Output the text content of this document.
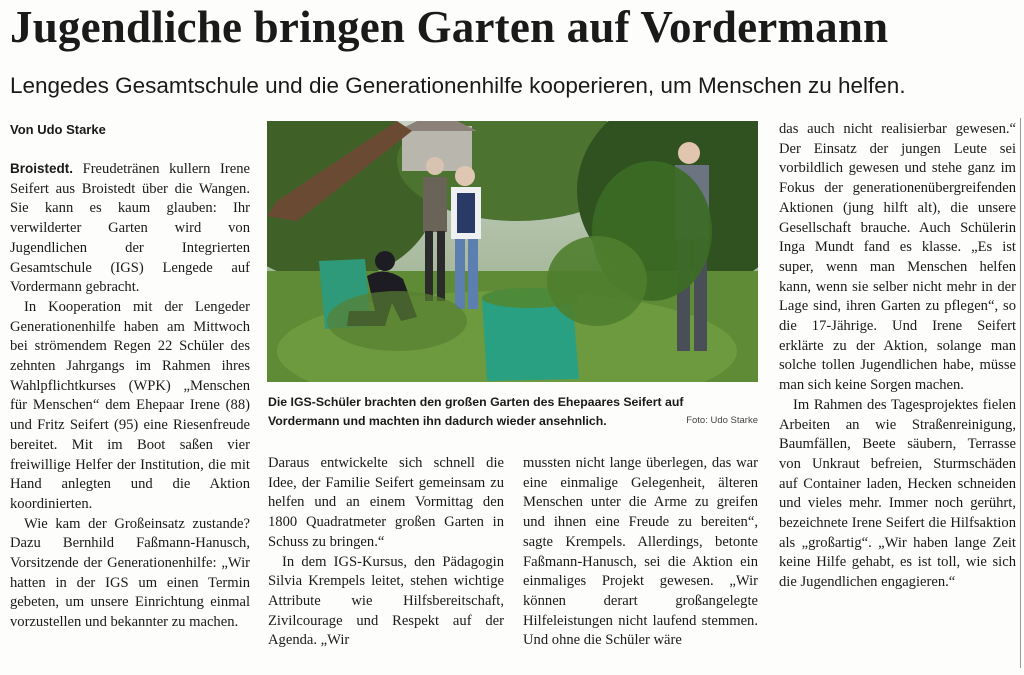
Jugendliche bringen Garten auf Vordermann
Lengedes Gesamtschule und die Generationenhilfe kooperieren, um Menschen zu helfen.
Von Udo Starke

Broistedt. Freudetränen kullern Irene Seifert aus Broistedt über die Wangen. Sie kann es kaum glauben: Ihr verwilderter Garten wird von Jugendlichen der Integrierten Gesamtschule (IGS) Lengede auf Vordermann gebracht.

In Kooperation mit der Lengeder Generationenhilfe haben am Mittwoch bei strömendem Regen 22 Schüler des zehnten Jahrgangs im Rahmen ihres Wahlpflichtkurses (WPK) „Menschen für Menschen“ dem Ehepaar Irene (88) und Fritz Seifert (95) eine Riesenfreude bereitet. Mit im Boot saßen vier freiwillige Helfer der Institution, die mit Hand anlegten und die Aktion koordinierten.

Wie kam der Großeinsatz zustande? Dazu Bernhild Faßmann-Hanusch, Vorsitzende der Generationenhilfe: „Wir hatten in der IGS um einen Termin gebeten, um unsere Einrichtung einmal vorzustellen und bekannter zu machen.

Die IGS-Schüler brachten den großen Garten des Ehepaares Seifert auf Vordermann und machten ihn dadurch wieder ansehnlich.	Foto: Udo Starke

Daraus entwickelte sich schnell die Idee, der Familie Seifert gemeinsam zu helfen und an einem Vormittag den 1800 Quadratmeter großen Garten in Schuss zu bringen.“

In dem IGS-Kursus, den Pädagogin Silvia Krempels leitet, stehen wichtige Attribute wie Hilfsbereitschaft, Zivilcourage und Respekt auf der Agenda. „Wir

mussten nicht lange überlegen, das war eine einmalige Gelegenheit, älteren Menschen unter die Arme zu greifen und ihnen eine Freude zu bereiten“, sagte Krempels. Allerdings, betonte Faßmann-Hanusch, sei die Aktion ein einmaliges Projekt gewesen. „Wir können derart großangelegte Hilfeleistungen nicht laufend stemmen. Und ohne die Schüler wäre

das auch nicht realisierbar gewesen.“ Der Einsatz der jungen Leute sei vorbildlich gewesen und stehe ganz im Fokus der generationenübergreifenden Aktionen (jung hilft alt), die unsere Gesellschaft brauche. Auch Schülerin Inga Mundt fand es klasse. „Es ist super, wenn man Menschen helfen kann, wenn sie selber nicht mehr in der Lage sind, ihren Garten zu pflegen“, so die 17-Jährige. Und Irene Seifert erklärte zu der Aktion, solange man solche tollen Jugendlichen habe, müsse man sich keine Sorgen machen.

Im Rahmen des Tagesprojektes fielen Arbeiten an wie Straßenreinigung, Baumfällen, Beete säubern, Terrasse von Unkraut befreien, Sturmschäden auf Container laden, Hecken schneiden und vieles mehr. Immer noch gerührt, bezeichnete Irene Seifert die Hilfsaktion als „großartig“. „Wir haben lange Zeit keine Hilfe gehabt, es ist toll, wie sich die Jugendlichen engagieren.“
